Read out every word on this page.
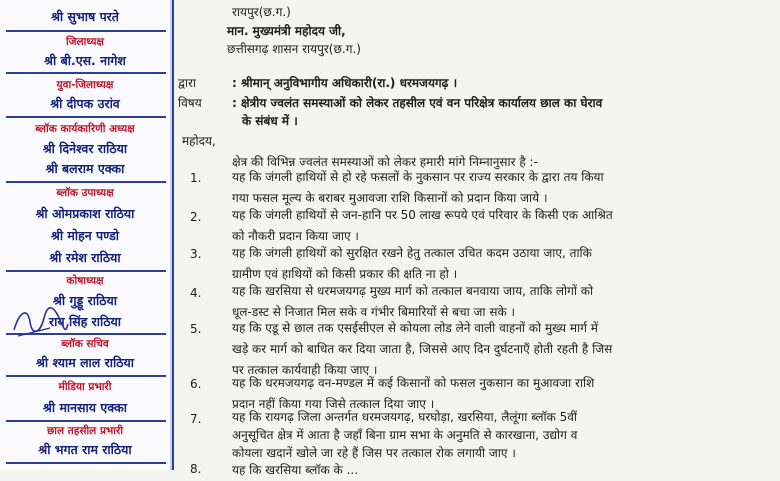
श्री सुभाष परते
जिलाध्यक्ष
श्री बी.एस. नागेश
युवा-जिलाध्यक्ष
श्री दीपक उरांव
ब्लॉक कार्यकारिणी अध्यक्ष
श्री दिनेश्वर राठिया
श्री बलराम एक्का
ब्लॉक उपाध्यक्ष
श्री ओमप्रकाश राठिया
श्री मोहन पण्डो
श्री रमेश राठिया
कोषाध्यक्ष
श्री गुड्डू राठिया
राय सिंह राठिया
ब्लॉक सचिव
श्री श्याम लाल राठिया
मीडिया प्रभारी
श्री मानसाय एक्का
छाल तहसील प्रभारी
श्री भगत राम राठिया
रायपुर(छ.ग.)
मान. मुख्यमंत्री महोदय जी,
छत्तीसगढ़ शासन रायपुर(छ.ग.)
द्वारा	: श्रीमान् अनुविभागीय अधिकारी(रा.) धरमजयगढ़ ।
विषय	: क्षेत्रीय ज्वलंत समस्याओं को लेकर तहसील एवं वन परिक्षेत्र कार्यालय छाल का घेराव
के संबंध में ।
महोदय,
क्षेत्र की विभिन्न ज्वलंत समस्याओं को लेकर हमारी मांगे निम्नानुसार है :-
1.	यह कि जंगली हाथियों से हो रहे फसलों के नुकसान पर राज्य सरकार के द्वारा तय किया
गया फसल मूल्य के बराबर मुआवजा राशि किसानों को प्रदान किया जाये ।
2.	यह कि जंगली हाथियों से जन-हानि पर 50 लाख रूपये एवं परिवार के किसी एक आश्रित
को नौकरी प्रदान किया जाए ।
3.	यह कि जंगली हाथियों को सुरक्षित रखने हेतु तत्काल उचित कदम उठाया जाए, ताकि
ग्रामीण एवं हाथियों को किसी प्रकार की क्षति ना हो ।
4.	यह कि खरसिया से धरमजयगढ़ मुख्य मार्ग को तत्काल बनवाया जाय, ताकि लोगों को
धूल-डस्ट से निजात मिल सके व गंभीर बिमारियों से बचा जा सके ।
5.	यह कि एडू से छाल तक एसईसीएल से कोयला लोड लेने वाली वाहनों को मुख्य मार्ग में
खड़े कर मार्ग को बाधित कर दिया जाता है, जिससे आए दिन दुर्घटनाएँ होती रहती है जिस
पर तत्काल कार्यवाही किया जाए ।
6.	यह कि धरमजयगढ़ वन-मण्डल में कई किसानों को फसल नुकसान का मुआवजा राशि
प्रदान नहीं किया गया जिसे तत्काल दिया जाए ।
7.	यह कि रायगढ़ जिला अन्तर्गत धरमजयगढ़, घरघोड़ा, खरसिया, लैलूंगा ब्लॉक 5वीं
अनुसूचित क्षेत्र में आता है जहाँ बिना ग्राम सभा के अनुमति से कारखाना, उद्योग व
कोयला खदानें खोले जा रहे हैं जिस पर तत्काल रोक लगायी जाए ।
8.	यह कि खरसिया ब्लॉक के ...
